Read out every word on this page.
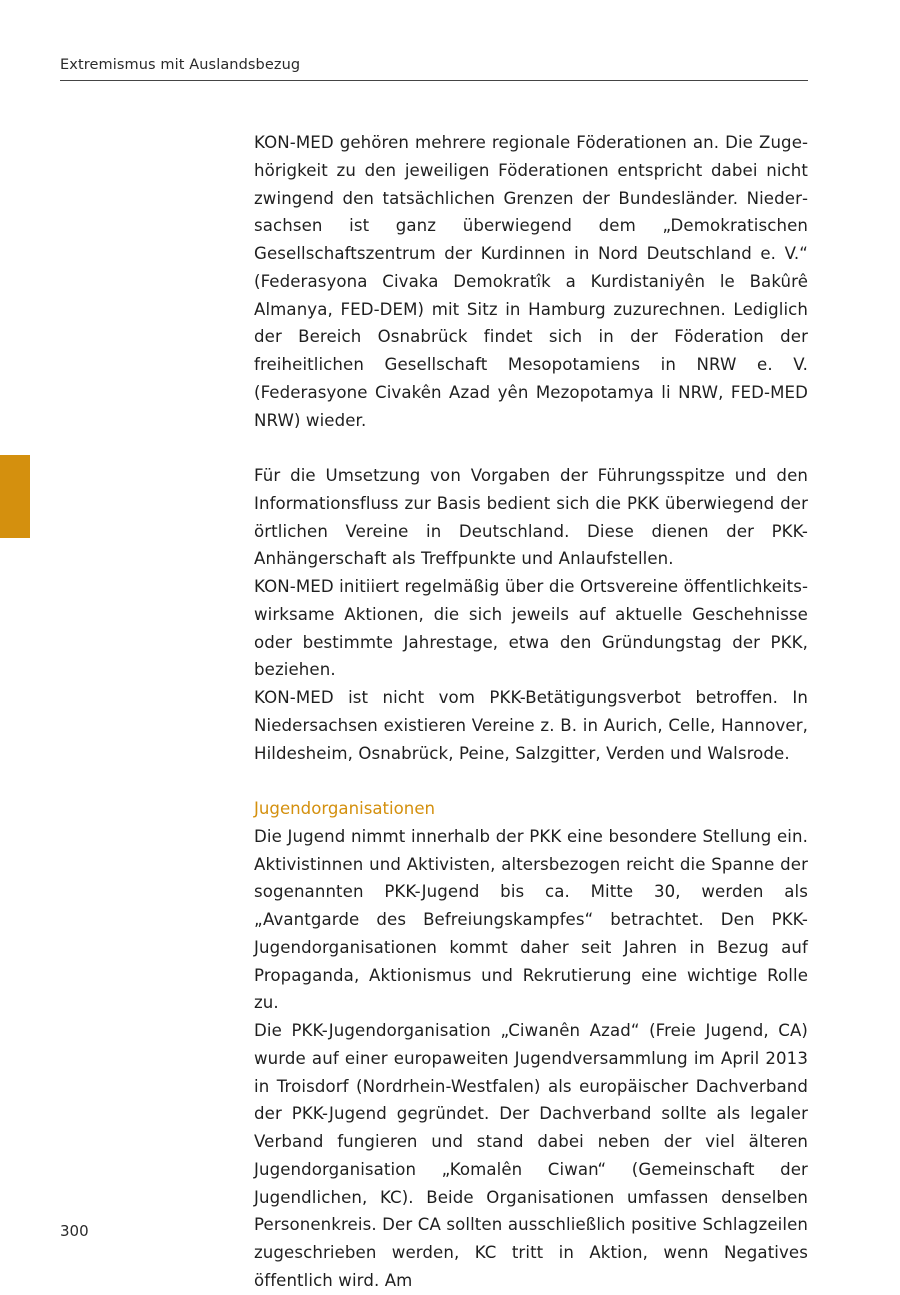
Extremismus mit Auslandsbezug

KON-MED gehören mehrere regionale Föderationen an. Die Zugehörigkeit zu den jeweiligen Föderationen entspricht dabei nicht zwingend den tatsächlichen Grenzen der Bundesländer. Niedersachsen ist ganz überwiegend dem „Demokratischen Gesellschaftszentrum der Kurdinnen in Nord Deutschland e. V.“ (Federasyona Civaka Demokratîk a Kurdistaniyên le Bakûrê Almanya, FED-DEM) mit Sitz in Hamburg zuzurechnen. Lediglich der Bereich Osnabrück findet sich in der Föderation der freiheitlichen Gesellschaft Mesopotamiens in NRW e. V. (Federasyone Civakên Azad yên Mezopotamya li NRW, FED-MED NRW) wieder.

Für die Umsetzung von Vorgaben der Führungsspitze und den Informationsfluss zur Basis bedient sich die PKK überwiegend der örtlichen Vereine in Deutschland. Diese dienen der PKK-Anhängerschaft als Treffpunkte und Anlaufstellen.

KON-MED initiiert regelmäßig über die Ortsvereine öffentlichkeitswirksame Aktionen, die sich jeweils auf aktuelle Geschehnisse oder bestimmte Jahrestage, etwa den Gründungstag der PKK, beziehen.

KON-MED ist nicht vom PKK-Betätigungsverbot betroffen. In Niedersachsen existieren Vereine z. B. in Aurich, Celle, Hannover, Hildesheim, Osnabrück, Peine, Salzgitter, Verden und Walsrode.

Jugendorganisationen

Die Jugend nimmt innerhalb der PKK eine besondere Stellung ein. Aktivistinnen und Aktivisten, altersbezogen reicht die Spanne der sogenannten PKK-Jugend bis ca. Mitte 30, werden als „Avantgarde des Befreiungskampfes“ betrachtet. Den PKK-Jugendorganisationen kommt daher seit Jahren in Bezug auf Propaganda, Aktionismus und Rekrutierung eine wichtige Rolle zu.

Die PKK-Jugendorganisation „Ciwanên Azad“ (Freie Jugend, CA) wurde auf einer europaweiten Jugendversammlung im April 2013 in Troisdorf (Nordrhein-Westfalen) als europäischer Dachverband der PKK-Jugend gegründet. Der Dachverband sollte als legaler Verband fungieren und stand dabei neben der viel älteren Jugendorganisation „Komalên Ciwan“ (Gemeinschaft der Jugendlichen, KC). Beide Organisationen umfassen denselben Personenkreis. Der CA sollten ausschließlich positive Schlagzeilen zugeschrieben werden, KC tritt in Aktion, wenn Negatives öffentlich wird. Am

300
